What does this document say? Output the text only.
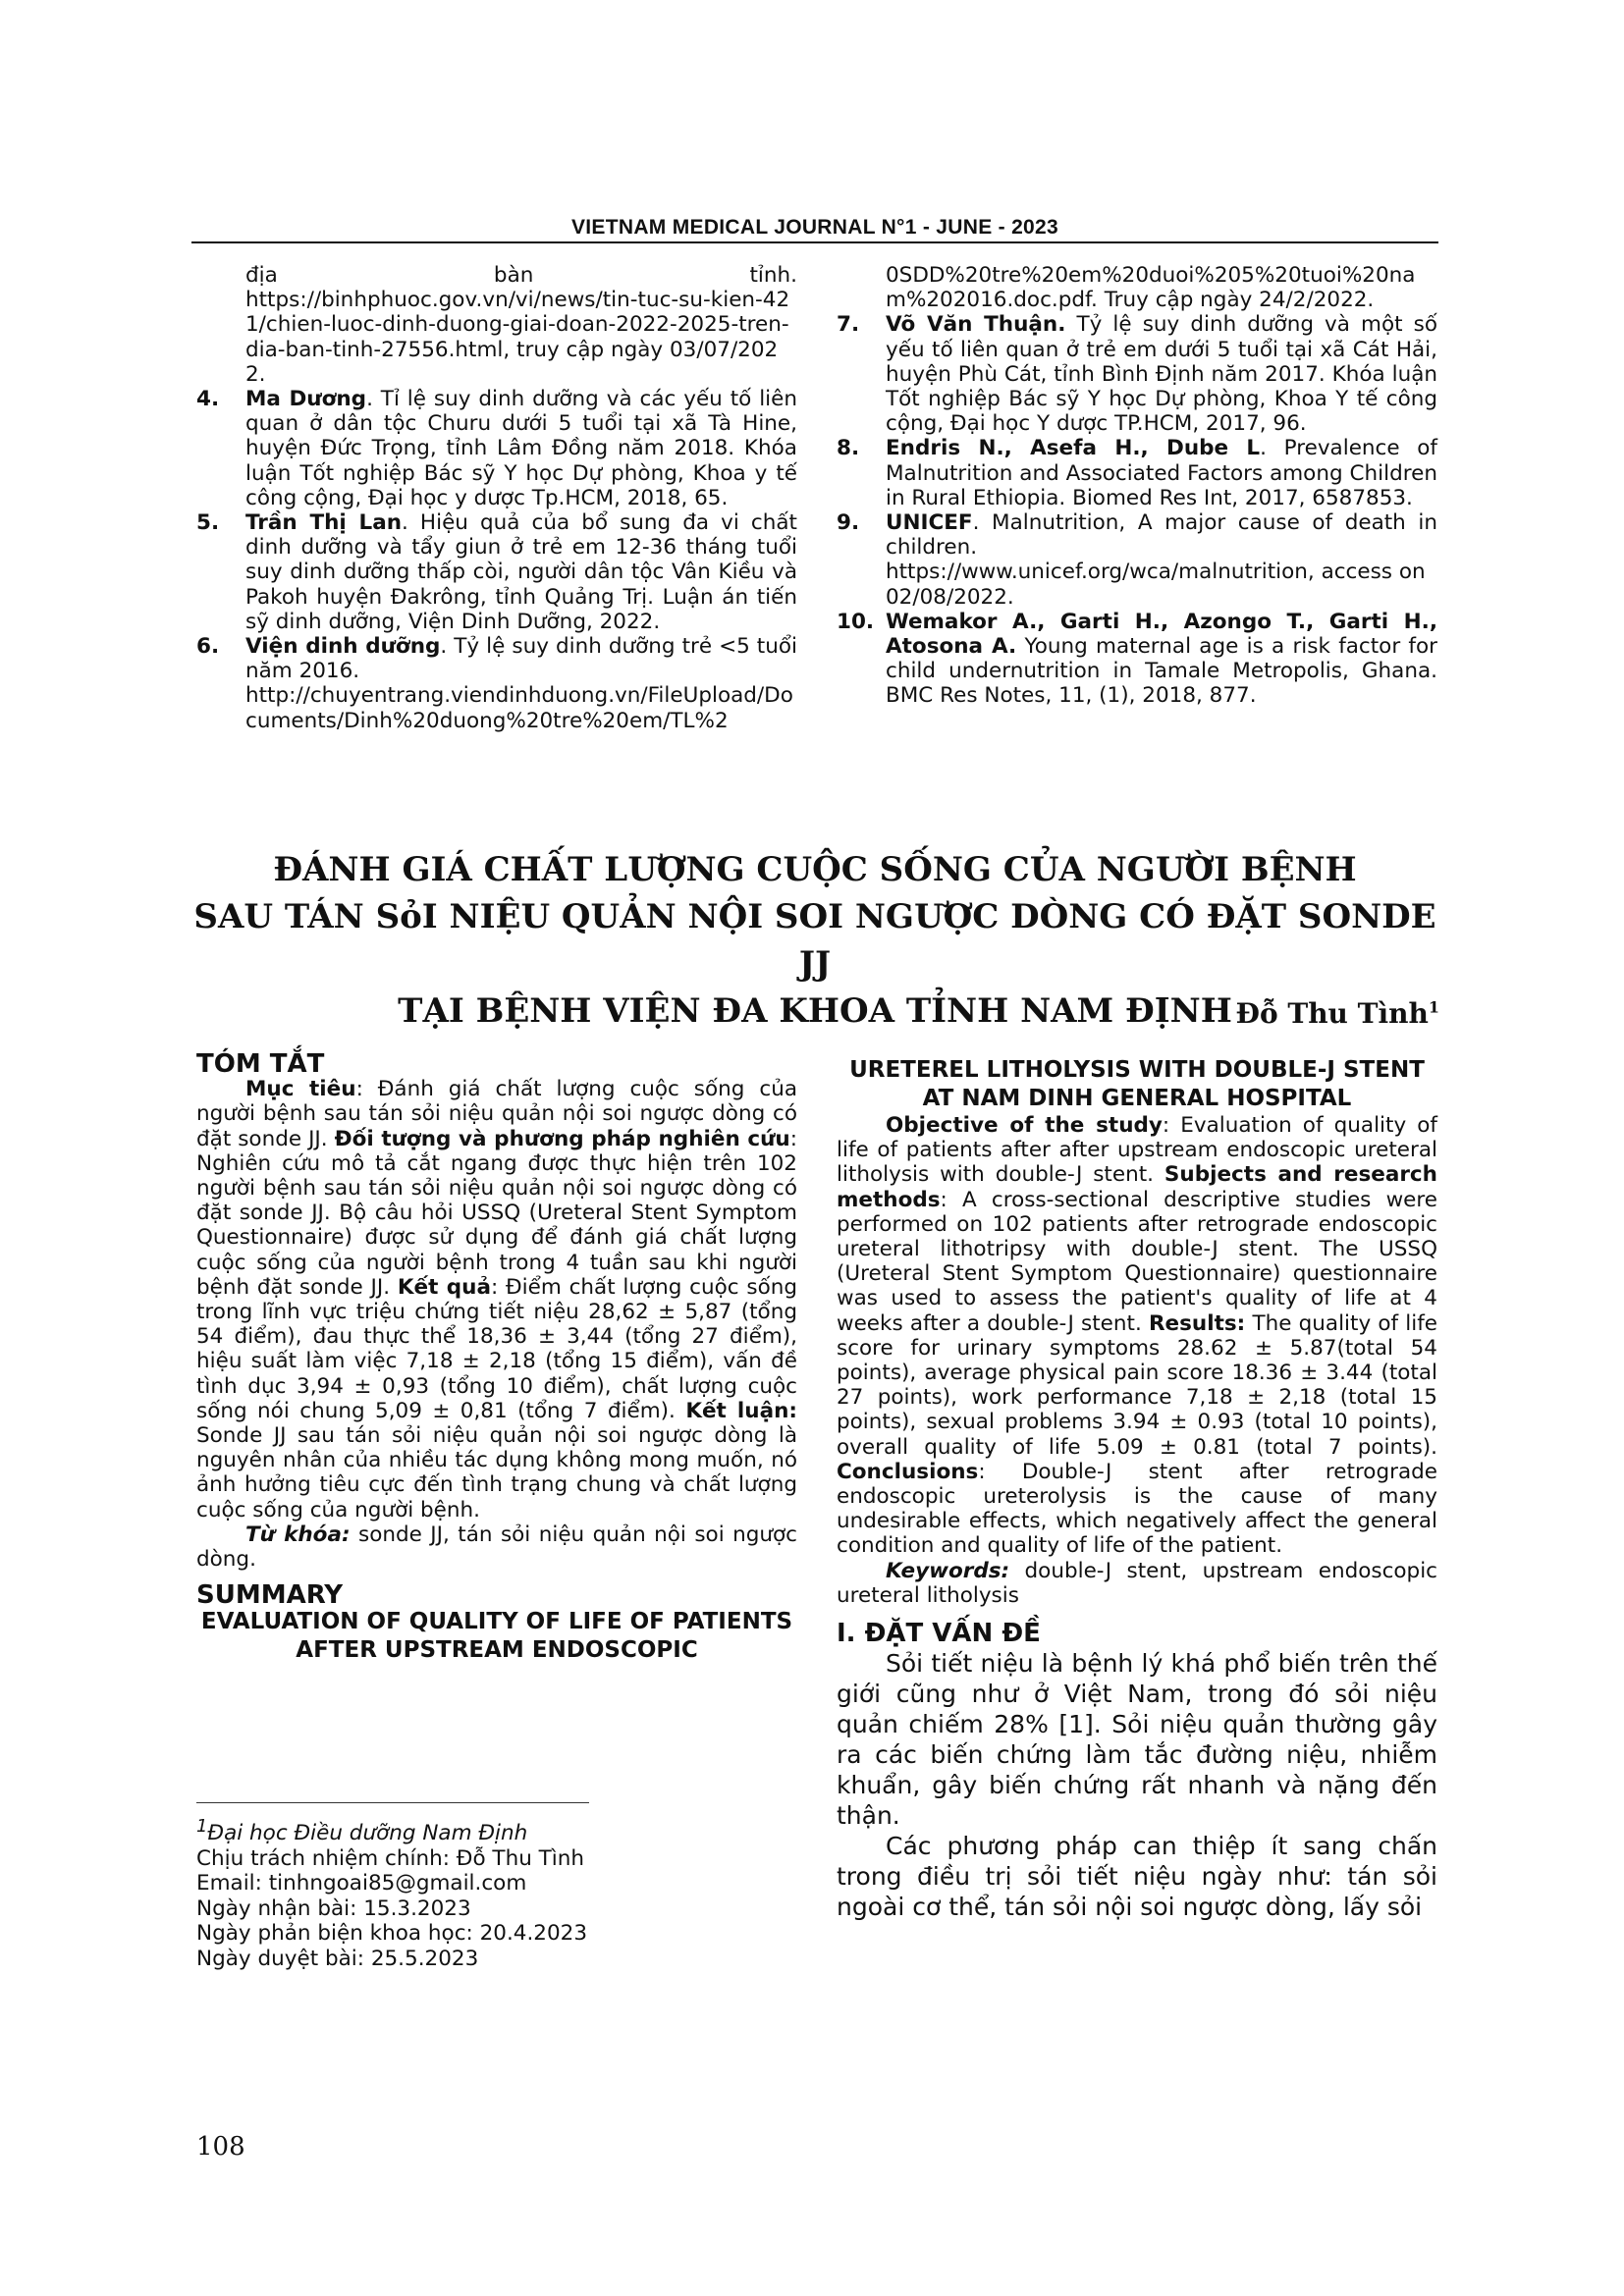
VIETNAM MEDICAL JOURNAL N°1 - JUNE - 2023

địa bàn tỉnh.

https://binhphuoc.gov.vn/vi/news/tin-tuc-su-kien-421/chien-luoc-dinh-duong-giai-doan-2022-2025-tren-dia-ban-tinh-27556.html, truy cập ngày 03/07/2022.

4. Ma Dương. Tỉ lệ suy dinh dưỡng và các yếu tố liên quan ở dân tộc Churu dưới 5 tuổi tại xã Tà Hine, huyện Đức Trọng, tỉnh Lâm Đồng năm 2018. Khóa luận Tốt nghiệp Bác sỹ Y học Dự phòng, Khoa y tế công cộng, Đại học y dược Tp.HCM, 2018, 65.

5. Trần Thị Lan. Hiệu quả của bổ sung đa vi chất dinh dưỡng và tẩy giun ở trẻ em 12-36 tháng tuổi suy dinh dưỡng thấp còi, người dân tộc Vân Kiều và Pakoh huyện Đakrông, tỉnh Quảng Trị. Luận án tiến sỹ dinh dưỡng, Viện Dinh Dưỡng, 2022.

6. Viện dinh dưỡng. Tỷ lệ suy dinh dưỡng trẻ <5 tuổi năm 2016.

http://chuyentrang.viendinhduong.vn/FileUpload/Documents/Dinh%20duong%20tre%20em/TL%2

0SDD%20tre%20em%20duoi%205%20tuoi%20nam%202016.doc.pdf. Truy cập ngày 24/2/2022.

7. Võ Văn Thuận. Tỷ lệ suy dinh dưỡng và một số yếu tố liên quan ở trẻ em dưới 5 tuổi tại xã Cát Hải, huyện Phù Cát, tỉnh Bình Định năm 2017. Khóa luận Tốt nghiệp Bác sỹ Y học Dự phòng, Khoa Y tế công cộng, Đại học Y dược TP.HCM, 2017, 96.

8. Endris N., Asefa H., Dube L. Prevalence of Malnutrition and Associated Factors among Children in Rural Ethiopia. Biomed Res Int, 2017, 6587853.

9. UNICEF. Malnutrition, A major cause of death in children.

https://www.unicef.org/wca/malnutrition, access on 02/08/2022.

10. Wemakor A., Garti H., Azongo T., Garti H., Atosona A. Young maternal age is a risk factor for child undernutrition in Tamale Metropolis, Ghana. BMC Res Notes, 11, (1), 2018, 877.

ĐÁNH GIÁ CHẤT LƯỢNG CUỘC SỐNG CỦA NGƯỜI BỆNH
SAU TÁN SỏI NIỆU QUẢN NỘI SOI NGƯỢC DÒNG CÓ ĐẶT SONDE JJ
TẠI BỆNH VIỆN ĐA KHOA TỈNH NAM ĐỊNH Đỗ Thu Tình$^1$

TÓM TẮT

Mục tiêu: Đánh giá chất lượng cuộc sống của người bệnh sau tán sỏi niệu quản nội soi ngược dòng có đặt sonde JJ. Đối tượng và phương pháp nghiên cứu: Nghiên cứu mô tả cắt ngang được thực hiện trên 102 người bệnh sau tán sỏi niệu quản nội soi ngược dòng có đặt sonde JJ. Bộ câu hỏi USSQ (Ureteral Stent Symptom Questionnaire) được sử dụng để đánh giá chất lượng cuộc sống của người bệnh trong 4 tuần sau khi người bệnh đặt sonde JJ. Kết quả: Điểm chất lượng cuộc sống trong lĩnh vực triệu chứng tiết niệu 28,62 ± 5,87 (tổng 54 điểm), đau thực thể 18,36 ± 3,44 (tổng 27 điểm), hiệu suất làm việc 7,18 ± 2,18 (tổng 15 điểm), vấn đề tình dục 3,94 ± 0,93 (tổng 10 điểm), chất lượng cuộc sống nói chung 5,09 ± 0,81 (tổng 7 điểm). Kết luận: Sonde JJ sau tán sỏi niệu quản nội soi ngược dòng là nguyên nhân của nhiều tác dụng không mong muốn, nó ảnh hưởng tiêu cực đến tình trạng chung và chất lượng cuộc sống của người bệnh.

Từ khóa: sonde JJ, tán sỏi niệu quản nội soi ngược dòng.

SUMMARY

EVALUATION OF QUALITY OF LIFE OF PATIENTS AFTER UPSTREAM ENDOSCOPIC

URETEREL LITHOLYSIS WITH DOUBLE-J STENT AT NAM DINH GENERAL HOSPITAL

Objective of the study: Evaluation of quality of life of patients after after upstream endoscopic ureteral litholysis with double-J stent. Subjects and research methods: A cross-sectional descriptive studies were performed on 102 patients after retrograde endoscopic ureteral lithotripsy with double-J stent. The USSQ (Ureteral Stent Symptom Questionnaire) questionnaire was used to assess the patient's quality of life at 4 weeks after a double-J stent. Results: The quality of life score for urinary symptoms 28.62 ± 5.87(total 54 points), average physical pain score 18.36 ± 3.44 (total 27 points), work performance 7,18 ± 2,18 (total 15 points), sexual problems 3.94 ± 0.93 (total 10 points), overall quality of life 5.09 ± 0.81 (total 7 points). Conclusions: Double-J stent after retrograde endoscopic ureterolysis is the cause of many undesirable effects, which negatively affect the general condition and quality of life of the patient.

Keywords: double-J stent, upstream endoscopic ureteral litholysis

I. ĐẶT VẤN ĐỀ

Sỏi tiết niệu là bệnh lý khá phổ biến trên thế giới cũng như ở Việt Nam, trong đó sỏi niệu quản chiếm 28% [1]. Sỏi niệu quản thường gây ra các biến chứng làm tắc đường niệu, nhiễm khuẩn, gây biến chứng rất nhanh và nặng đến thận.

Các phương pháp can thiệp ít sang chấn trong điều trị sỏi tiết niệu ngày như: tán sỏi ngoài cơ thể, tán sỏi nội soi ngược dòng, lấy sỏi

$^1$Đại học Điều dưỡng Nam Định

Chịu trách nhiệm chính: Đỗ Thu Tình

Email: tinhngoai85@gmail.com

Ngày nhận bài: 15.3.2023

Ngày phản biện khoa học: 20.4.2023

Ngày duyệt bài: 25.5.2023

108
